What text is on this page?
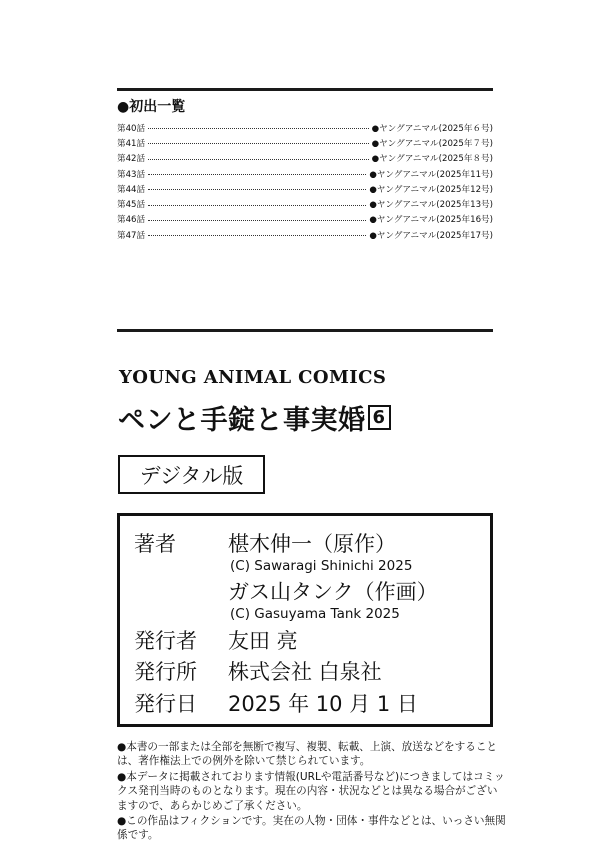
●初出一覧
第40話	●ヤングアニマル(2025年６号)
第41話	●ヤングアニマル(2025年７号)
第42話	●ヤングアニマル(2025年８号)
第43話	●ヤングアニマル(2025年11号)
第44話	●ヤングアニマル(2025年12号)
第45話	●ヤングアニマル(2025年13号)
第46話	●ヤングアニマル(2025年16号)
第47話	●ヤングアニマル(2025年17号)
YOUNG ANIMAL COMICS
ペンと手錠と事実婚 6
デジタル版
著者 椹木伸一（原作）
(C) Sawaragi Shinichi 2025
ガス山タンク（作画）
(C) Gasuyama Tank 2025
発行者 友田 亮
発行所 株式会社 白泉社
発行日 2025 年 10 月 1 日

●本書の一部または全部を無断で複写、複製、転載、上演、放送などをすることは、著作権法上での例外を除いて禁じられています。

●本データに掲載されております情報(URLや電話番号など)につきましてはコミックス発刊当時のものとなります。現在の内容・状況などとは異なる場合がございますので、あらかじめご了承ください。

●この作品はフィクションです。実在の人物・団体・事件などとは、いっさい無関係です。
